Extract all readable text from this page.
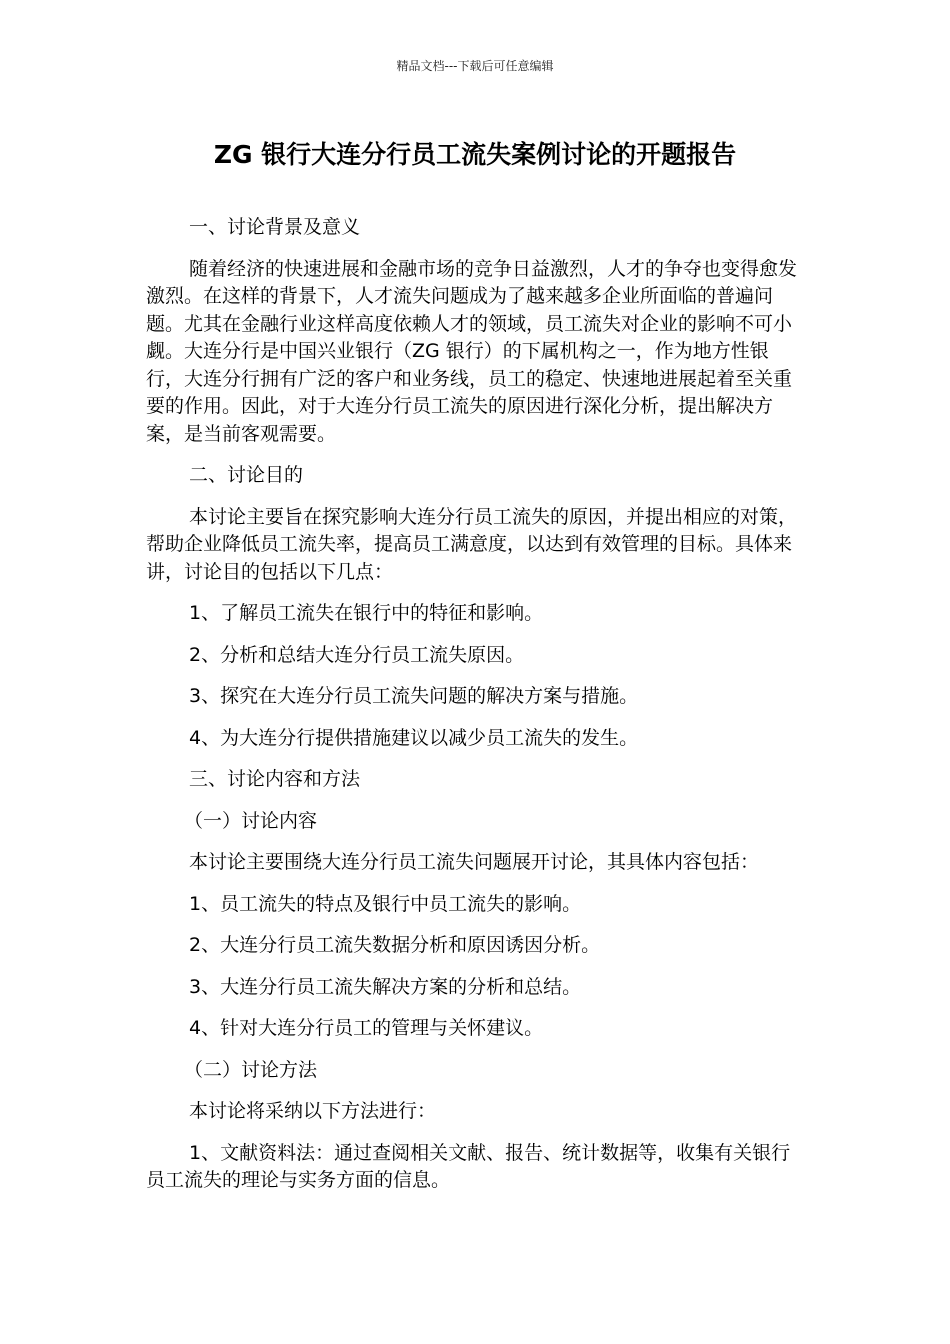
精品文档---下载后可任意编辑
ZG 银行大连分行员工流失案例讨论的开题报告

一、讨论背景及意义

随着经济的快速进展和金融市场的竞争日益激烈，人才的争夺也变得愈发激烈。在这样的背景下，人才流失问题成为了越来越多企业所面临的普遍问题。尤其在金融行业这样高度依赖人才的领域，员工流失对企业的影响不可小觑。大连分行是中国兴业银行（ZG 银行）的下属机构之一，作为地方性银行，大连分行拥有广泛的客户和业务线，员工的稳定、快速地进展起着至关重要的作用。因此，对于大连分行员工流失的原因进行深化分析，提出解决方案，是当前客观需要。

二、讨论目的

本讨论主要旨在探究影响大连分行员工流失的原因，并提出相应的对策，帮助企业降低员工流失率，提高员工满意度，以达到有效管理的目标。具体来讲，讨论目的包括以下几点：

1、了解员工流失在银行中的特征和影响。

2、分析和总结大连分行员工流失原因。

3、探究在大连分行员工流失问题的解决方案与措施。

4、为大连分行提供措施建议以减少员工流失的发生。

三、讨论内容和方法

（一）讨论内容

本讨论主要围绕大连分行员工流失问题展开讨论，其具体内容包括：

1、员工流失的特点及银行中员工流失的影响。

2、大连分行员工流失数据分析和原因诱因分析。

3、大连分行员工流失解决方案的分析和总结。

4、针对大连分行员工的管理与关怀建议。

（二）讨论方法

本讨论将采纳以下方法进行：

1、文献资料法：通过查阅相关文献、报告、统计数据等，收集有关银行员工流失的理论与实务方面的信息。
